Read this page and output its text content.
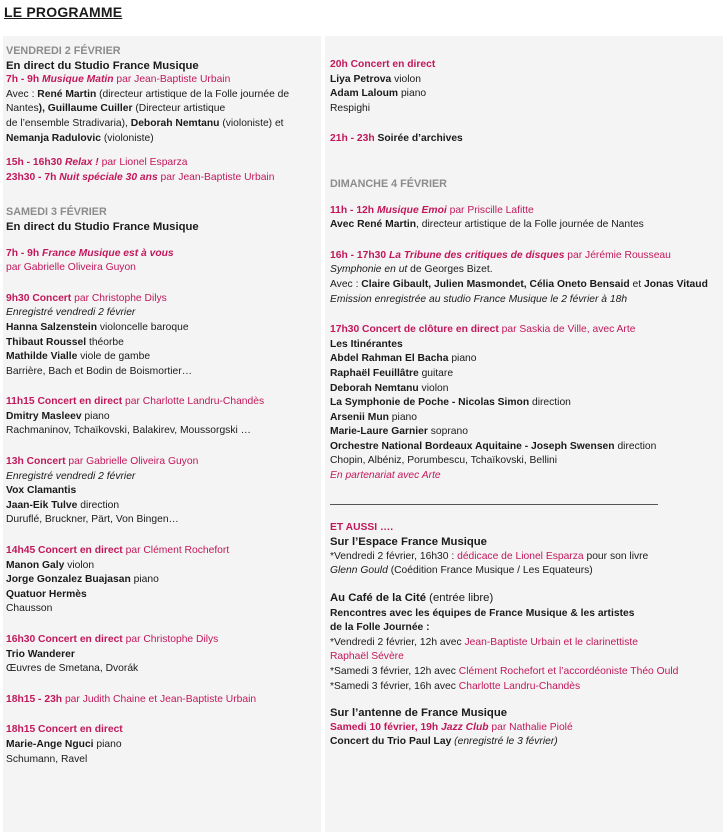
LE PROGRAMME
VENDREDI 2 FÉVRIER
En direct du Studio France Musique
7h - 9h Musique Matin par Jean-Baptiste Urbain
Avec : René Martin (directeur artistique de la Folle journée de
Nantes), Guillaume Cuiller (Directeur artistique
de l’ensemble Stradivaria), Deborah Nemtanu (violoniste) et
Nemanja Radulovic (violoniste)
15h - 16h30 Relax ! par Lionel Esparza
23h30 - 7h Nuit spéciale 30 ans par Jean-Baptiste Urbain
SAMEDI 3 FÉVRIER
En direct du Studio France Musique
7h - 9h France Musique est à vous
par Gabrielle Oliveira Guyon
9h30 Concert par Christophe Dilys
Enregistré vendredi 2 février
Hanna Salzenstein violoncelle baroque
Thibaut Roussel théorbe
Mathilde Vialle viole de gambe
Barrière, Bach et Bodin de Boismortier…
11h15 Concert en direct par Charlotte Landru-Chandès
Dmitry Masleev piano
Rachmaninov, Tchaïkovski, Balakirev, Moussorgski …
13h Concert par Gabrielle Oliveira Guyon
Enregistré vendredi 2 février
Vox Clamantis
Jaan-Eik Tulve direction
Duruflé, Bruckner, Pärt, Von Bingen…
14h45 Concert en direct par Clément Rochefort
Manon Galy violon
Jorge Gonzalez Buajasan piano
Quatuor Hermès
Chausson
16h30 Concert en direct par Christophe Dilys
Trio Wanderer
Œuvres de Smetana, Dvorák
18h15 - 23h par Judith Chaine et Jean-Baptiste Urbain
18h15 Concert en direct
Marie-Ange Nguci piano
Schumann, Ravel
20h Concert en direct
Liya Petrova violon
Adam Laloum piano
Respighi
21h - 23h Soirée d’archives
DIMANCHE 4 FÉVRIER
11h - 12h Musique Emoi par Priscille Lafitte
Avec René Martin, directeur artistique de la Folle journée de Nantes
16h - 17h30 La Tribune des critiques de disques par Jérémie Rousseau
Symphonie en ut de Georges Bizet.
Avec : Claire Gibault, Julien Masmondet, Célia Oneto Bensaid et Jonas Vitaud
Emission enregistrée au studio France Musique le 2 février à 18h
17h30 Concert de clôture en direct par Saskia de Ville, avec Arte
Les Itinérantes
Abdel Rahman El Bacha piano
Raphaël Feuillâtre guitare
Deborah Nemtanu violon
La Symphonie de Poche - Nicolas Simon direction
Arsenii Mun piano
Marie-Laure Garnier soprano
Orchestre National Bordeaux Aquitaine - Joseph Swensen direction
Chopin, Albéniz, Porumbescu, Tchaïkovski, Bellini
En partenariat avec Arte
ET AUSSI ….
Sur l’Espace France Musique
*Vendredi 2 février, 16h30 : dédicace de Lionel Esparza pour son livre
Glenn Gould (Coédition France Musique / Les Equateurs)
Au Café de la Cité (entrée libre)
Rencontres avec les équipes de France Musique & les artistes
de la Folle Journée :
*Vendredi 2 février, 12h avec Jean-Baptiste Urbain et le clarinettiste
Raphaël Sévère
*Samedi 3 février, 12h avec Clément Rochefort et l’accordéoniste Théo Ould
*Samedi 3 février, 16h avec Charlotte Landru-Chandès
Sur l’antenne de France Musique
Samedi 10 février, 19h Jazz Club par Nathalie Piolé
Concert du Trio Paul Lay (enregistré le 3 février)
